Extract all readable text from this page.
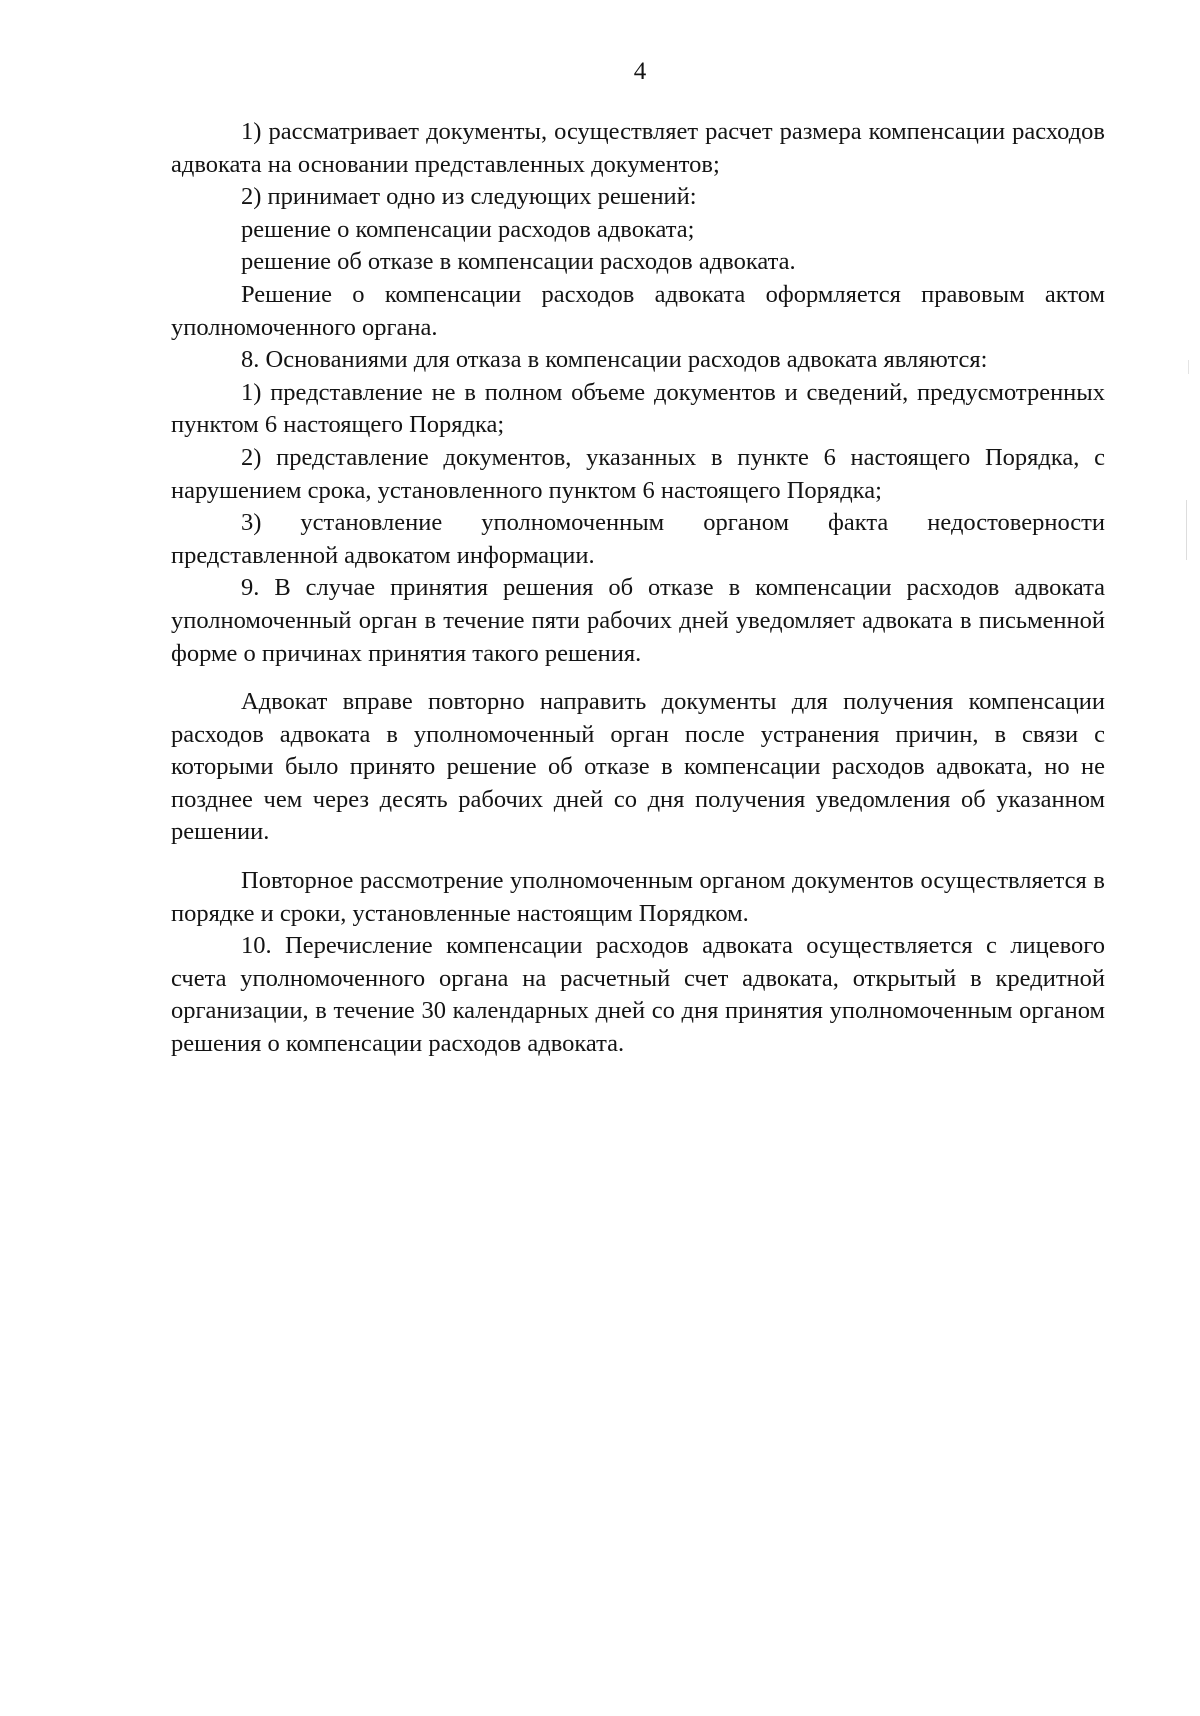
4

1) рассматривает документы, осуществляет расчет размера компенсации расходов адвоката на основании представленных документов;

2) принимает одно из следующих решений:

решение о компенсации расходов адвоката;

решение об отказе в компенсации расходов адвоката.

Решение о компенсации расходов адвоката оформляется правовым актом уполномоченного органа.

8. Основаниями для отказа в компенсации расходов адвоката являются:

1) представление не в полном объеме документов и сведений, предусмотренных пунктом 6 настоящего Порядка;

2) представление документов, указанных в пункте 6 настоящего Порядка, с нарушением срока, установленного пунктом 6 настоящего Порядка;

3) установление уполномоченным органом факта недостоверности представленной адвокатом информации.

9. В случае принятия решения об отказе в компенсации расходов адвоката уполномоченный орган в течение пяти рабочих дней уведомляет адвоката в письменной форме о причинах принятия такого решения.

Адвокат вправе повторно направить документы для получения компенсации расходов адвоката в уполномоченный орган после устранения причин, в связи с которыми было принято решение об отказе в компенсации расходов адвоката, но не позднее чем через десять рабочих дней со дня получения уведомления об указанном решении.

Повторное рассмотрение уполномоченным органом документов осуществляется в порядке и сроки, установленные настоящим Порядком.

10. Перечисление компенсации расходов адвоката осуществляется с лицевого счета уполномоченного органа на расчетный счет адвоката, открытый в кредитной организации, в течение 30 календарных дней со дня принятия уполномоченным органом решения о компенсации расходов адвоката.
